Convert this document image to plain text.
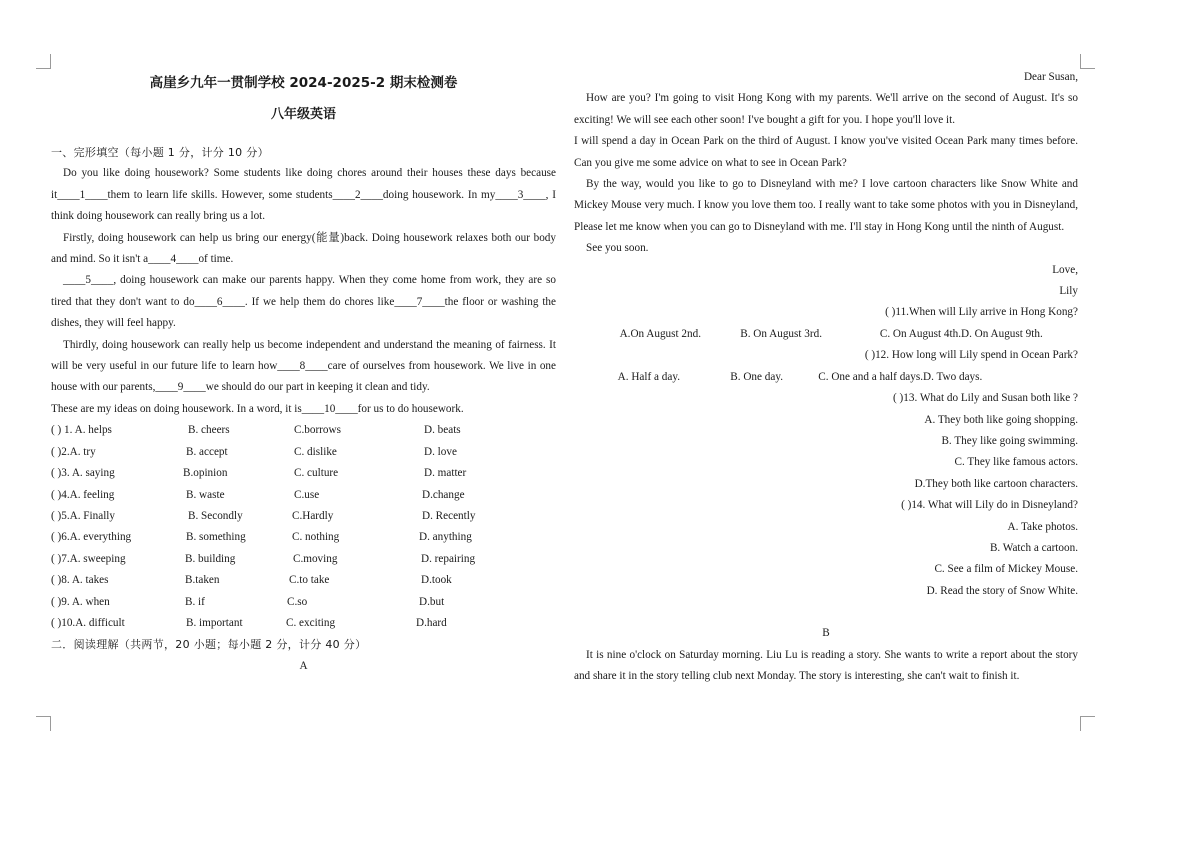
高崖乡九年一贯制学校 2024-2025-2 期末检测卷
八年级英语
一、完形填空（每小题 1 分，计分 10 分）

Do you like doing housework? Some students like doing chores around their houses these days because it____1____them to learn life skills. However, some students____2____doing housework. In my____3____, I think doing housework can really bring us a lot.

Firstly, doing housework can help us bring our energy(能量)back. Doing housework relaxes both our body and mind. So it isn't a____4____of time.

____5____, doing housework can make our parents happy. When they come home from work, they are so tired that they don't want to do____6____. If we help them do chores like____7____the floor or washing the dishes, they will feel happy.

Thirdly, doing housework can really help us become independent and understand the meaning of fairness. It will be very useful in our future life to learn how____8____care of ourselves from housework. We live in one house with our parents,____9____we should do our part in keeping it clean and tidy.

These are my ideas on doing housework. In a word, it is____10____for us to do housework.

( ) 1. A. helps	B. cheers	C.borrows	D. beats
( )2.A. try	B. accept	C. dislike	D. love
( )3. A. saying	B.opinion	C. culture	D. matter
( )4.A. feeling	B. waste	C.use	D.change
( )5.A. Finally	B. Secondly	C.Hardly	D. Recently
( )6.A. everything	B. something	C. nothing	D. anything
( )7.A. sweeping	B. building	C.moving	D. repairing
( )8. A. takes	B.taken	C.to take	D.took
( )9. A. when	B. if	C.so	D.but
( )10.A. difficult	B. important	C. exciting	D.hard
二．阅读理解（共两节，20 小题；每小题 2 分，计分 40 分）
A
Dear Susan,

How are you? I'm going to visit Hong Kong with my parents. We'll arrive on the second of August. It's so exciting! We will see each other soon! I've bought a gift for you. I hope you'll love it.

I will spend a day in Ocean Park on the third of August. I know you've visited Ocean Park many times before. Can you give me some advice on what to see in Ocean Park?

By the way, would you like to go to Disneyland with me? I love cartoon characters like Snow White and Mickey Mouse very much. I know you love them too. I really want to take some photos with you in Disneyland, Please let me know when you can go to Disneyland with me. I'll stay in Hong Kong until the ninth of August.

See you soon.

Love,
Lily
( )11.When will Lily arrive in Hong Kong?
A.On August 2nd.	B. On August 3rd.	C. On August 4th. D. On August 9th.
( )12. How long will Lily spend in Ocean Park?
A. Half a day.	B. One day.	C. One and a half days. D. Two days.
( )13. What do Lily and Susan both like ?
A. They both like going shopping.
B. They like going swimming.
C. They like famous actors.
D.They both like cartoon characters.
( )14. What will Lily do in Disneyland?
A. Take photos.
B. Watch a cartoon.
C. See a film of Mickey Mouse.
D. Read the story of Snow White.
B

It is nine o'clock on Saturday morning. Liu Lu is reading a story. She wants to write a report about the story and share it in the story telling club next Monday. The story is interesting, she can't wait to finish it.
